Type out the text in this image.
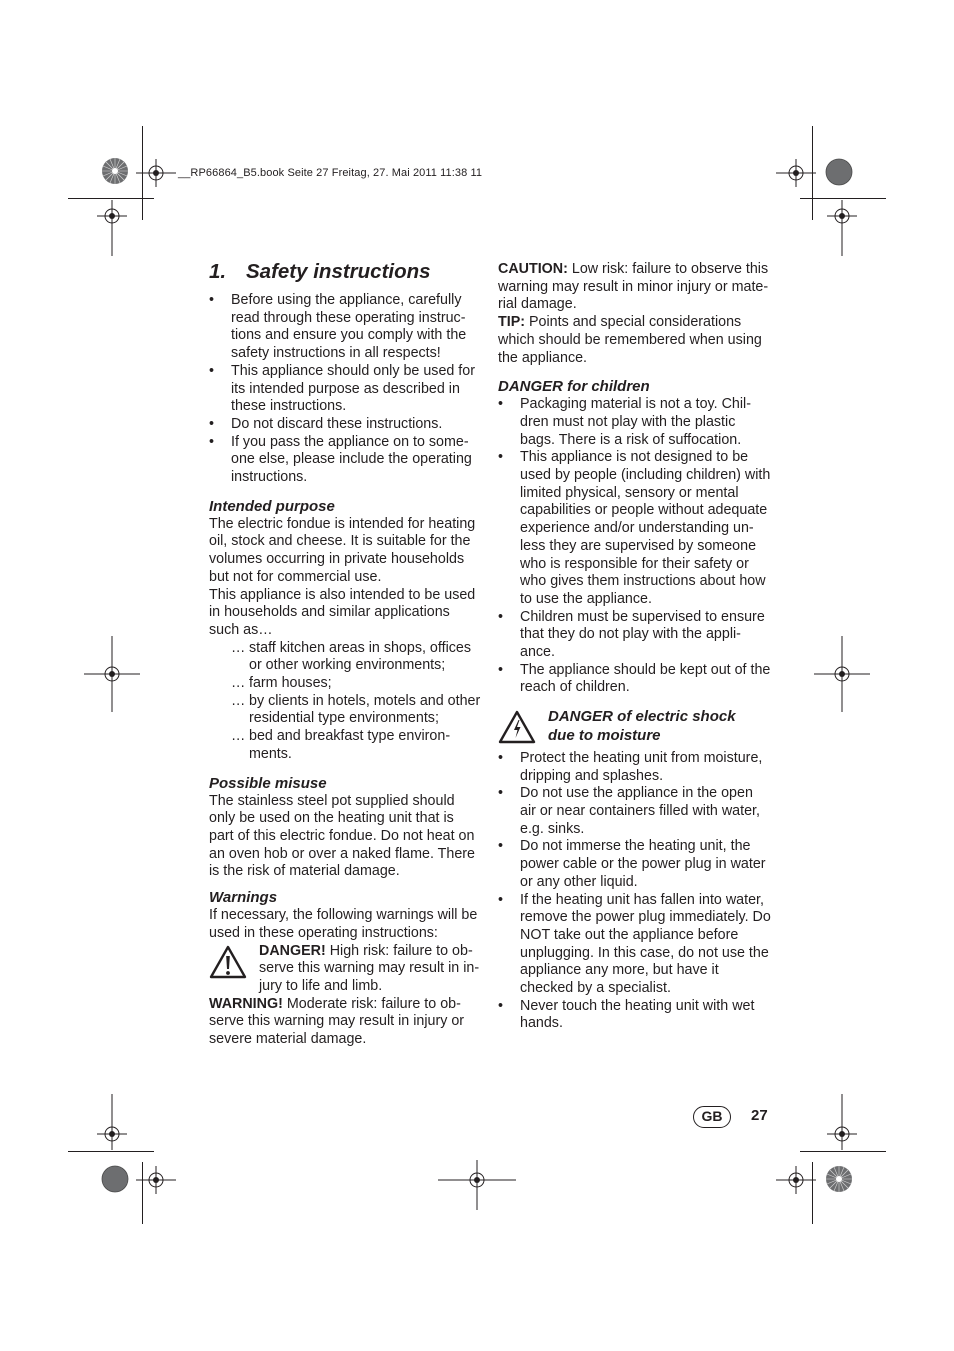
__RP66864_B5.book Seite 27 Freitag, 27. Mai 2011 11:38 11
1. Safety instructions
• Before using the appliance, carefully read through these operating instruc-tions and ensure you comply with the safety instructions in all respects!
• This appliance should only be used for its intended purpose as described in these instructions.
• Do not discard these instructions.
• If you pass the appliance on to some-one else, please include the operating instructions.
Intended purpose

The electric fondue is intended for heating oil, stock and cheese. It is suitable for the volumes occurring in private households but not for commercial use.

This appliance is also intended to be used in households and similar applications such as…

… staff kitchen areas in shops, offices or other working environments;
… farm houses;
… by clients in hotels, motels and other residential type environments;
… bed and breakfast type environ-ments.
Possible misuse

The stainless steel pot supplied should only be used on the heating unit that is part of this electric fondue. Do not heat on an oven hob or over a naked flame. There is the risk of material damage.

Warnings

If necessary, the following warnings will be used in these operating instructions:

DANGER! High risk: failure to ob-serve this warning may result in in-jury to life and limb.

WARNING! Moderate risk: failure to ob-serve this warning may result in injury or severe material damage.

CAUTION: Low risk: failure to observe this warning may result in minor injury or mate-rial damage.

TIP: Points and special considerations which should be remembered when using the appliance.

DANGER for children
• Packaging material is not a toy. Chil-dren must not play with the plastic bags. There is a risk of suffocation.
• This appliance is not designed to be used by people (including children) with limited physical, sensory or mental capabilities or people without adequate experience and/or understanding un-less they are supervised by someone who is responsible for their safety or who gives them instructions about how to use the appliance.
• Children must be supervised to ensure that they do not play with the appli-ance.
• The appliance should be kept out of the reach of children.
DANGER of electric shock
due to moisture
• Protect the heating unit from moisture, dripping and splashes.
• Do not use the appliance in the open air or near containers filled with water, e.g. sinks.
• Do not immerse the heating unit, the power cable or the power plug in water or any other liquid.
• If the heating unit has fallen into water, remove the power plug immediately. Do NOT take out the appliance before unplugging. In this case, do not use the appliance any more, but have it checked by a specialist.
• Never touch the heating unit with wet hands.
GB	27
